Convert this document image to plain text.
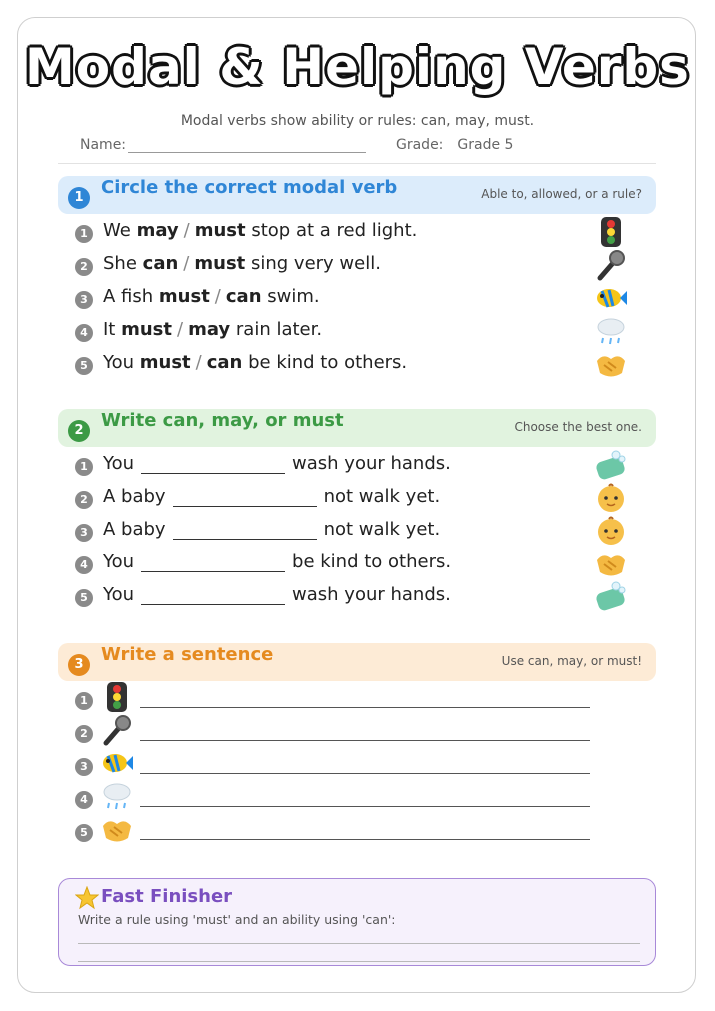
Modal & Helping Verbs
Modal verbs show ability or rules: can, may, must.
Name:	Grade: Grade 5
1 Circle the correct modal verb	Able to, allowed, or a rule?
1 We may / must stop at a red light.
2 She can / must sing very well.
3 A fish must / can swim.
4 It must / may rain later.
5 You must / can be kind to others.
2 Write can, may, or must	Choose the best one.
1 You	wash your hands.
2 A baby	not walk yet.
3 A baby	not walk yet.
4 You	be kind to others.
5 You	wash your hands.
3 Write a sentence	Use can, may, or must!
1
2
3
4
5
Fast Finisher
Write a rule using 'must' and an ability using 'can':
